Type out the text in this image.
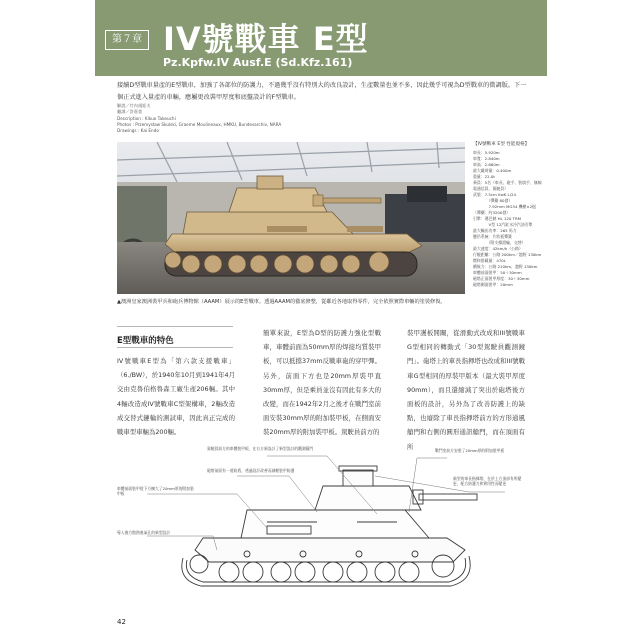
第７章 IV號戰車 E型
Pz.Kpfw.IV Ausf.E (Sd.Kfz.161)

接續D型戰車量產的E型戰車，加強了各部位的防護力，不過幾乎沒有特別大的改良設計，生產數量也並不多，因此幾乎可視為D型戰車的微調版。下一個正式進入量產的車輛，應屬更改裝甲厚度和底盤設計的F型戰車。

解說／竹內規矩夫
翻譯／許嘉萱
Description : Kikuo Takeuchi
Photos : Przemysław Skulski, Graeme Moulineaux, HMKU, Bundesarchiv, NARA
Drawings : Kai Endo

▲澳洲皇家澳洲裝甲兵和砲兵博物館（AAAM）展示的E型戰車。透過AAAM的徹底修整，從鄰近各地取得零件，完全依照實際車輛的塗裝修復。

【IV號戰車 E型 性能規格】
車長：5.920m
車寬：2.840m
車高：2.680m
最大載荷量：0.400m
重量：22.0t
乘員：5名（車長、砲手、裝填手、無線電通信員、駕駛員）
武裝：7.5cm KwK L/24
　　　　（彈藥 80發）
　　　　7.92mm MG34 機槍×2挺（彈藥：約3200發）
引擎：邁巴赫 HL 120 TRM
　　　　V型 12汽缸水冷汽油引擎
最大輸出功率：265 馬力
懸吊系統：片狀板彈簧
　　　　（附支撐滾輪、交替）
最大速度：42km/h（公路）
行駛距離：公路 200km／越野 130km
燃料搭載量：470L
續航力：公路 210km、越野 130km
車體前面裝甲：50＋30mm
砲塔正面裝甲厚度：30＋30mm
砲塔側面裝甲：20mm
E型戰車的特色

IV號戰車E型為「第六款支援戰車」（6./BW），於1940年10月到1941年4月交由克魯伯格魯森工廠生產206輛。其中4輛改造成IV號戰車C型架構車，2輛改造成交替式鏈輪的測試車，因此真正完成的戰車型車輛為200輛。

簡單來說，E型為D型的防護力強化型戰車，車體前面為50mm厚的焊接均質裝甲板，可以抵擋37mm反戰車砲的穿甲彈。另外，前面下方也是20mm厚裝甲直30mm厚，但是乘員並沒有因此有多大的改變，而在1942年2月之後才在戰鬥室前面安裝30mm厚的附加裝甲板，在側面安裝20mm厚的附加裝甲板。駕駛員前方的

裝甲護板開關，從滑動式改成和III號戰車G型相同的轉動式「30型駕駛員觀測鏡門」。砲塔上的車長指揮塔也改成和III號戰車G型相同的厚裝甲版本（最大裝甲厚度90mm），而且還縮減了突出於砲塔後方面板的設計，另外為了改善防護上的缺點，也廢除了車長指揮塔前方的方形通風艙門和右側的圓形通訊艙門，而在頂面有所

駕駛員前方的車體裝甲板，在右方新設計了新型設計的觀測鏡門
砲塔前面有一道防盾，透過設計改善而減輕裝甲防護
車體前面裝甲從下方擴大了20mm厚的附加裝甲板
導入後方散熱進氣孔的新型設計
戰鬥室前方安裝了20mm厚的附加裝甲板
新型的車長指揮塔，在於上方頂部有所變更，配合防護力和實用性而變更
42
